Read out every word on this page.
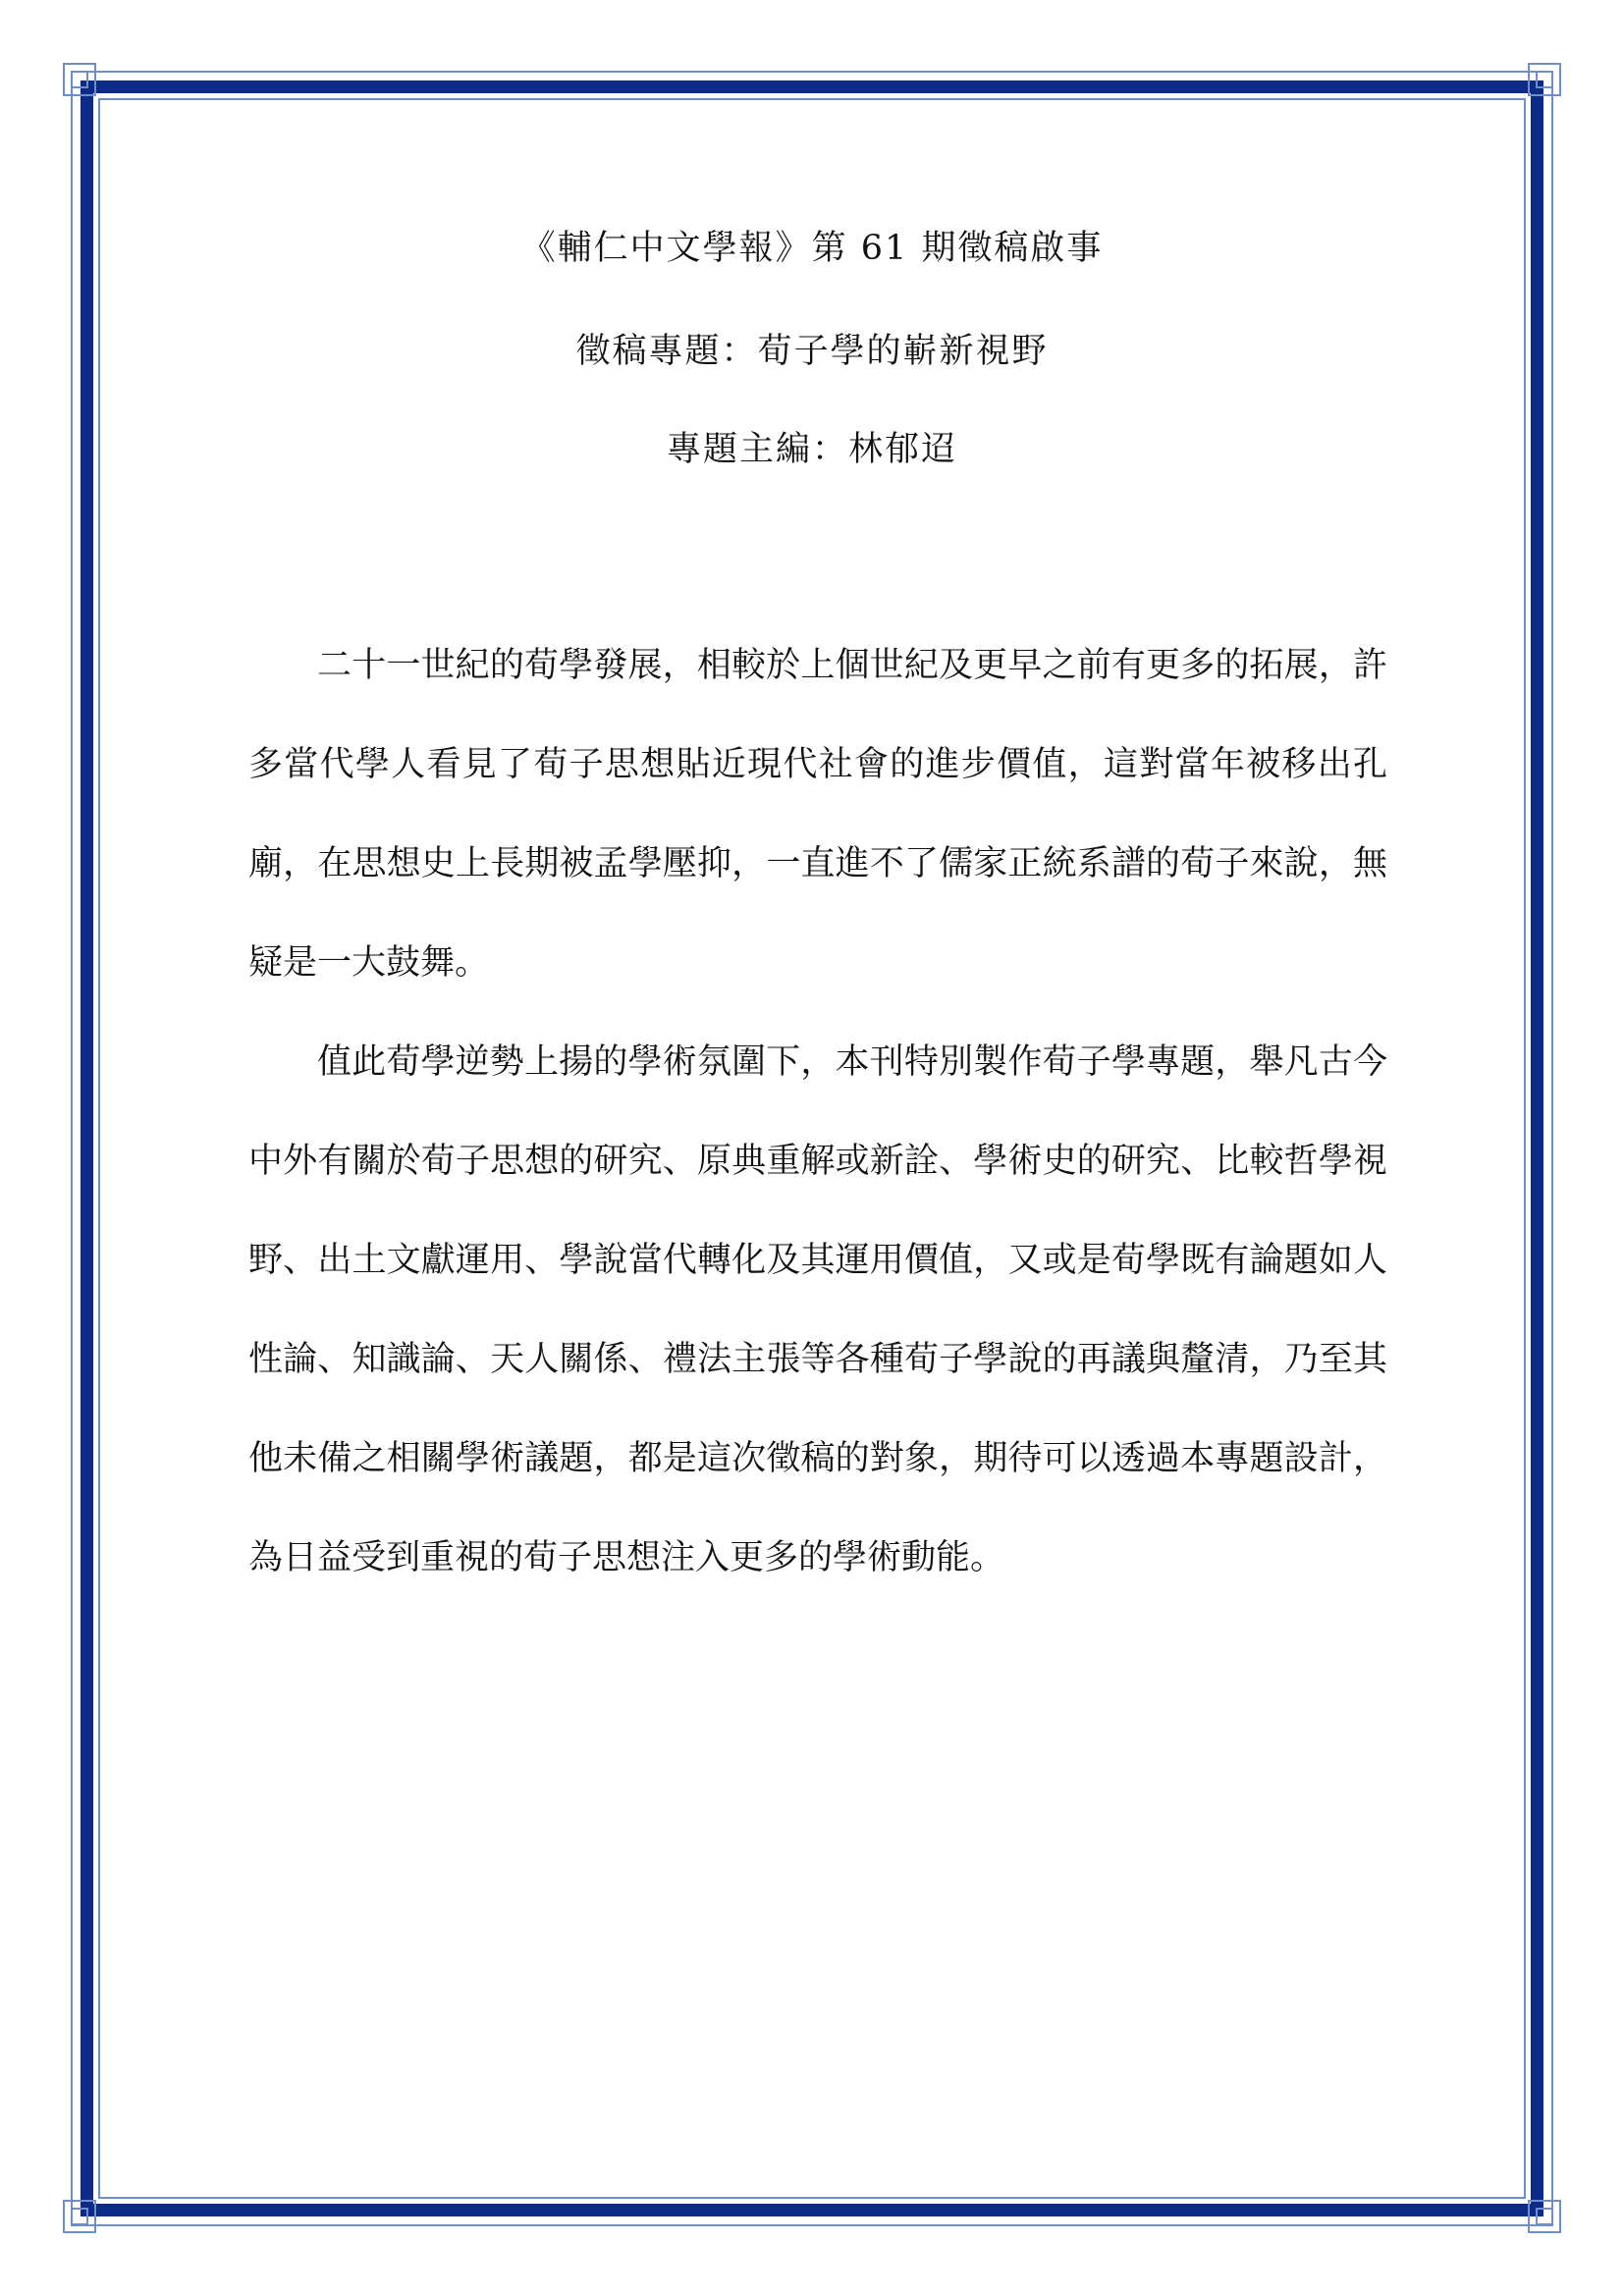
《輔仁中文學報》第 61 期徵稿啟事
徵稿專題：荀子學的嶄新視野
專題主編：林郁迢

二十一世紀的荀學發展，相較於上個世紀及更早之前有更多的拓展，許多當代學人看見了荀子思想貼近現代社會的進步價值，這對當年被移出孔廟，在思想史上長期被孟學壓抑，一直進不了儒家正統系譜的荀子來說，無疑是一大鼓舞。

值此荀學逆勢上揚的學術氛圍下，本刊特別製作荀子學專題，舉凡古今中外有關於荀子思想的研究、原典重解或新詮、學術史的研究、比較哲學視野、出土文獻運用、學說當代轉化及其運用價值，又或是荀學既有論題如人性論、知識論、天人關係、禮法主張等各種荀子學說的再議與釐清，乃至其他未備之相關學術議題，都是這次徵稿的對象，期待可以透過本專題設計，為日益受到重視的荀子思想注入更多的學術動能。
